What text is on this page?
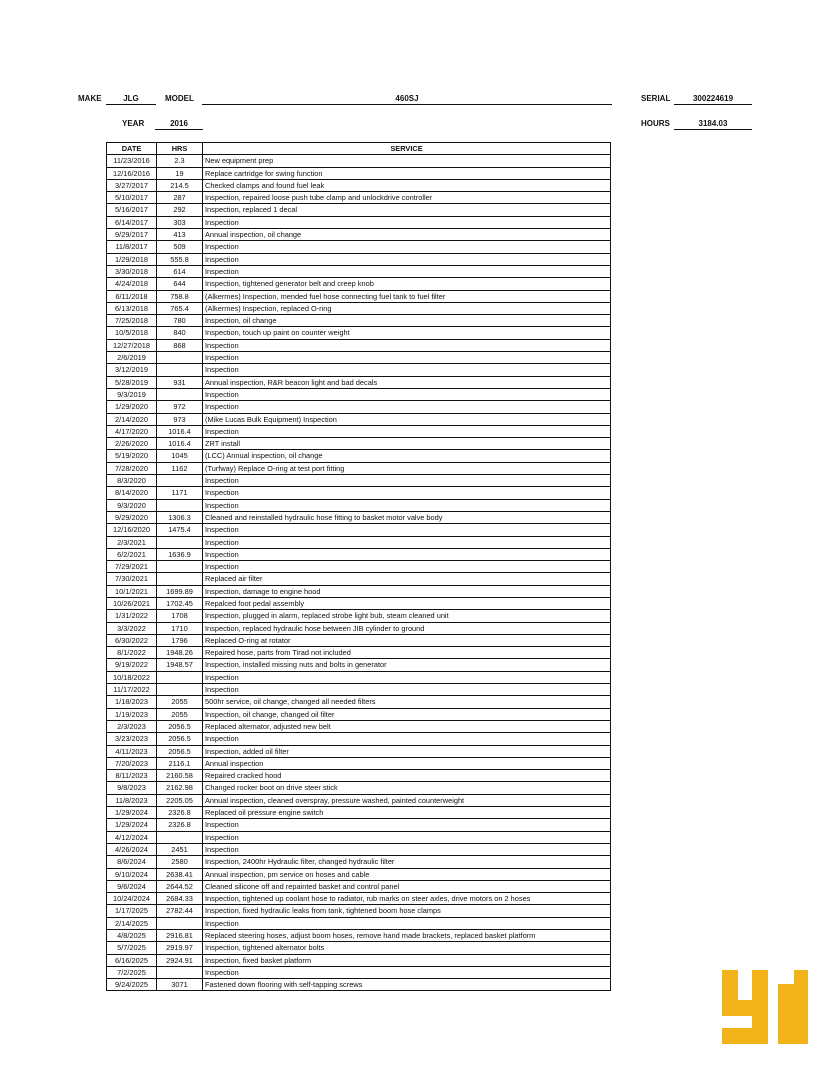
MAKE	JLG	MODEL	460SJ	SERIAL	300224619
YEAR	2016	HOURS	3184.03
DATE	HRS	SERVICE
11/23/2016	2.3	New equipment prep
12/16/2016	19	Replace cartridge for swing function
3/27/2017	214.5	Checked clamps and found fuel leak
5/10/2017	287	Inspection, repaired loose push tube clamp and unlockdrive controller
5/16/2017	292	Inspection, replaced 1 decal
6/14/2017	303	Inspection
9/29/2017	413	Annual inspection, oil change
11/8/2017	509	Inspection
1/29/2018	555.8	Inspection
3/30/2018	614	Inspection
4/24/2018	644	Inspection, tightened generator belt and creep knob
6/11/2018	758.8	(Alkermes) Inspection, mended fuel hose connecting fuel tank to fuel filter
6/13/2018	765.4	(Alkermes) Inspection, replaced O-ring
7/25/2018	780	Inspection, oil change
10/5/2018	840	Inspection, touch up paint on counter weight
12/27/2018	868	Inspection
2/6/2019		Inspection
3/12/2019		Inspection
5/28/2019	931	Annual inspection, R&R beacon light and bad decals
9/3/2019		Inspection
1/29/2020	972	Inspection
2/14/2020	973	(Mike Lucas Bulk Equipment) Inspection
4/17/2020	1016.4	Inspection
2/26/2020	1016.4	ZRT install
5/19/2020	1045	(LCC) Annual inspection, oil change
7/28/2020	1162	(Turfway) Replace O-ring at test port fitting
8/3/2020		Inspection
8/14/2020	1171	Inspection
9/3/2020		Inspection
9/29/2020	1306.3	Cleaned and reinstalled hydraulic hose fitting to basket motor valve body
12/16/2020	1475.4	Inspection
2/3/2021		Inspection
6/2/2021	1636.9	Inspection
7/29/2021		Inspection
7/30/2021		Replaced air filter
10/1/2021	1699.89	Inspection, damage to engine hood
10/26/2021	1702.45	Repalced foot pedal assembly
1/31/2022	1708	Inspection, plugged in alarm, replaced strobe light bub, steam cleaned unit
3/3/2022	1710	Inspection, replaced hydraulic hose between JIB cylinder to ground
6/30/2022	1796	Replaced O-ring at rotator
8/1/2022	1948.26	Repaired hose, parts from Tirad not included
9/19/2022	1948.57	Inspection, installed missing nuts and bolts in generator
10/18/2022		Inspection
11/17/2022		Inspection
1/18/2023	2055	500hr service, oil change, changed all needed filters
1/19/2023	2055	Inspection, oil change, changed oil filter
2/3/2023	2056.5	Replaced alternator, adjusted new belt
3/23/2023	2056.5	Inspection
4/11/2023	2056.5	Inspection, added oil filter
7/20/2023	2116.1	Annual inspection
8/11/2023	2160.58	Repaired cracked hood
9/8/2023	2162.98	Changed rocker boot on drive steer stick
11/8/2023	2205.05	Annual inspection, cleaned overspray, pressure washed, painted counterweight
1/29/2024	2326.8	Replaced oil pressure engine switch
1/29/2024	2326.8	Inspection
4/12/2024		Inspection
4/26/2024	2451	Inspection
8/6/2024	2580	Inspection, 2400hr Hydraulic filter, changed hydraulic filter
9/10/2024	2638.41	Annual inspection, pm service on hoses and cable
9/6/2024	2644.52	Cleaned silicone off and repainted basket and control panel
10/24/2024	2684.33	Inspection, tightened up coolant hose to radiator, rub marks on steer axles, drive motors on 2 hoses
1/17/2025	2782.44	Inspection, fixed hydraulic leaks from tank, tightened boom hose clamps
2/14/2025		Inspection
4/8/2025	2916.81	Replaced steering hoses, adjust boom hoses, remove hand made brackets, replaced basket platform
5/7/2025	2919.97	Inspection, tightened alternator bolts
6/16/2025	2924.91	Inspection, fixed basket platform
7/2/2025		Inspection
9/24/2025	3071	Fastened down flooring with self-tapping screws
